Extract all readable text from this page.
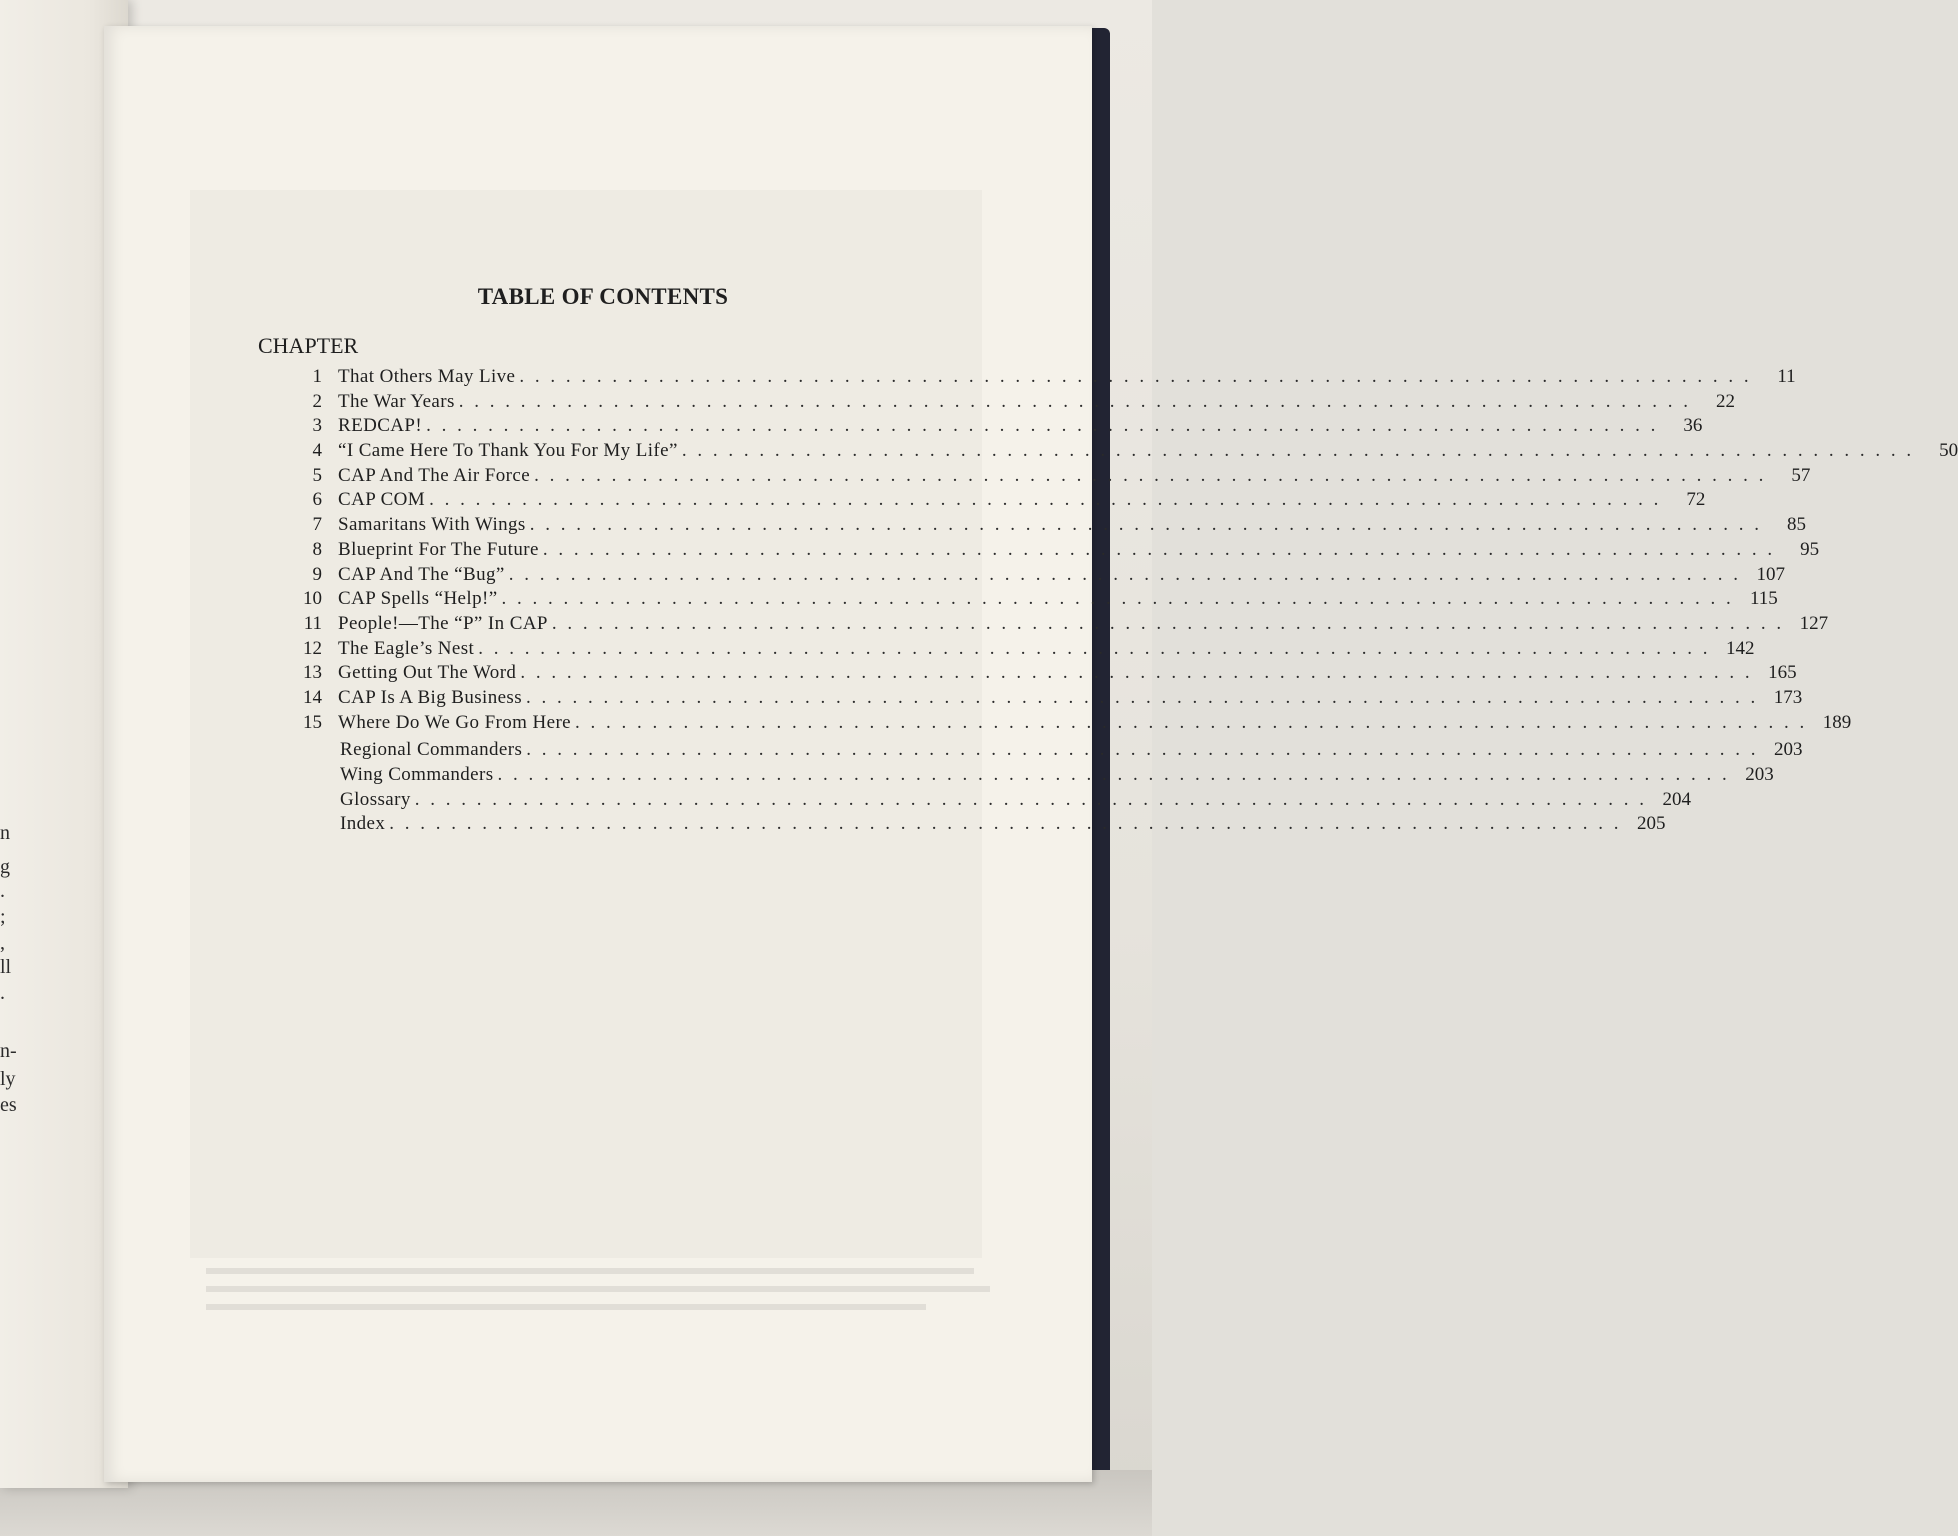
n
g
.
;
,
ll
.
n-
ly
es
TABLE OF CONTENTS
CHAPTER
1 That Others May Live . . . . . . . . . . . . . . . . . . . . . . . . . . . . . . . . . . . . . . . . . . . . . . . . . . . . . . . . . . . . . . . . . . . . . . . . . . . . . . . .	11
2 The War Years . . . . . . . . . . . . . . . . . . . . . . . . . . . . . . . . . . . . . . . . . . . . . . . . . . . . . . . . . . . . . . . . . . . . . . . . . . . . . . . .	22
3 REDCAP! . . . . . . . . . . . . . . . . . . . . . . . . . . . . . . . . . . . . . . . . . . . . . . . . . . . . . . . . . . . . . . . . . . . . . . . . . . . . . . . .	36
4 “I Came Here To Thank You For My Life” . . . . . . . . . . . . . . . . . . . . . . . . . . . . . . . . . . . . . . . . . . . . . . . . . . . . . . . . . . . . . . . . . . . . . . . . . . . . . . . .	50
5 CAP And The Air Force . . . . . . . . . . . . . . . . . . . . . . . . . . . . . . . . . . . . . . . . . . . . . . . . . . . . . . . . . . . . . . . . . . . . . . . . . . . . . . . .	57
6 CAP COM . . . . . . . . . . . . . . . . . . . . . . . . . . . . . . . . . . . . . . . . . . . . . . . . . . . . . . . . . . . . . . . . . . . . . . . . . . . . . . . .	72
7 Samaritans With Wings . . . . . . . . . . . . . . . . . . . . . . . . . . . . . . . . . . . . . . . . . . . . . . . . . . . . . . . . . . . . . . . . . . . . . . . . . . . . . . . .	85
8 Blueprint For The Future . . . . . . . . . . . . . . . . . . . . . . . . . . . . . . . . . . . . . . . . . . . . . . . . . . . . . . . . . . . . . . . . . . . . . . . . . . . . . . . .	95
9 CAP And The “Bug” . . . . . . . . . . . . . . . . . . . . . . . . . . . . . . . . . . . . . . . . . . . . . . . . . . . . . . . . . . . . . . . . . . . . . . . . . . . . . . . . 107
10 CAP Spells “Help!” . . . . . . . . . . . . . . . . . . . . . . . . . . . . . . . . . . . . . . . . . . . . . . . . . . . . . . . . . . . . . . . . . . . . . . . . . . . . . . . . 115
11 People!—The “P” In CAP . . . . . . . . . . . . . . . . . . . . . . . . . . . . . . . . . . . . . . . . . . . . . . . . . . . . . . . . . . . . . . . . . . . . . . . . . . . . . . . . 127
12 The Eagle’s Nest . . . . . . . . . . . . . . . . . . . . . . . . . . . . . . . . . . . . . . . . . . . . . . . . . . . . . . . . . . . . . . . . . . . . . . . . . . . . . . . . 142
13 Getting Out The Word . . . . . . . . . . . . . . . . . . . . . . . . . . . . . . . . . . . . . . . . . . . . . . . . . . . . . . . . . . . . . . . . . . . . . . . . . . . . . . . . 165
14 CAP Is A Big Business . . . . . . . . . . . . . . . . . . . . . . . . . . . . . . . . . . . . . . . . . . . . . . . . . . . . . . . . . . . . . . . . . . . . . . . . . . . . . . . . 173
15 Where Do We Go From Here . . . . . . . . . . . . . . . . . . . . . . . . . . . . . . . . . . . . . . . . . . . . . . . . . . . . . . . . . . . . . . . . . . . . . . . . . . . . . . . . 189
Regional Commanders . . . . . . . . . . . . . . . . . . . . . . . . . . . . . . . . . . . . . . . . . . . . . . . . . . . . . . . . . . . . . . . . . . . . . . . . . . . . . . . . 203
Wing Commanders . . . . . . . . . . . . . . . . . . . . . . . . . . . . . . . . . . . . . . . . . . . . . . . . . . . . . . . . . . . . . . . . . . . . . . . . . . . . . . . . 203
Glossary . . . . . . . . . . . . . . . . . . . . . . . . . . . . . . . . . . . . . . . . . . . . . . . . . . . . . . . . . . . . . . . . . . . . . . . . . . . . . . . . 204
Index . . . . . . . . . . . . . . . . . . . . . . . . . . . . . . . . . . . . . . . . . . . . . . . . . . . . . . . . . . . . . . . . . . . . . . . . . . . . . . . . 205
